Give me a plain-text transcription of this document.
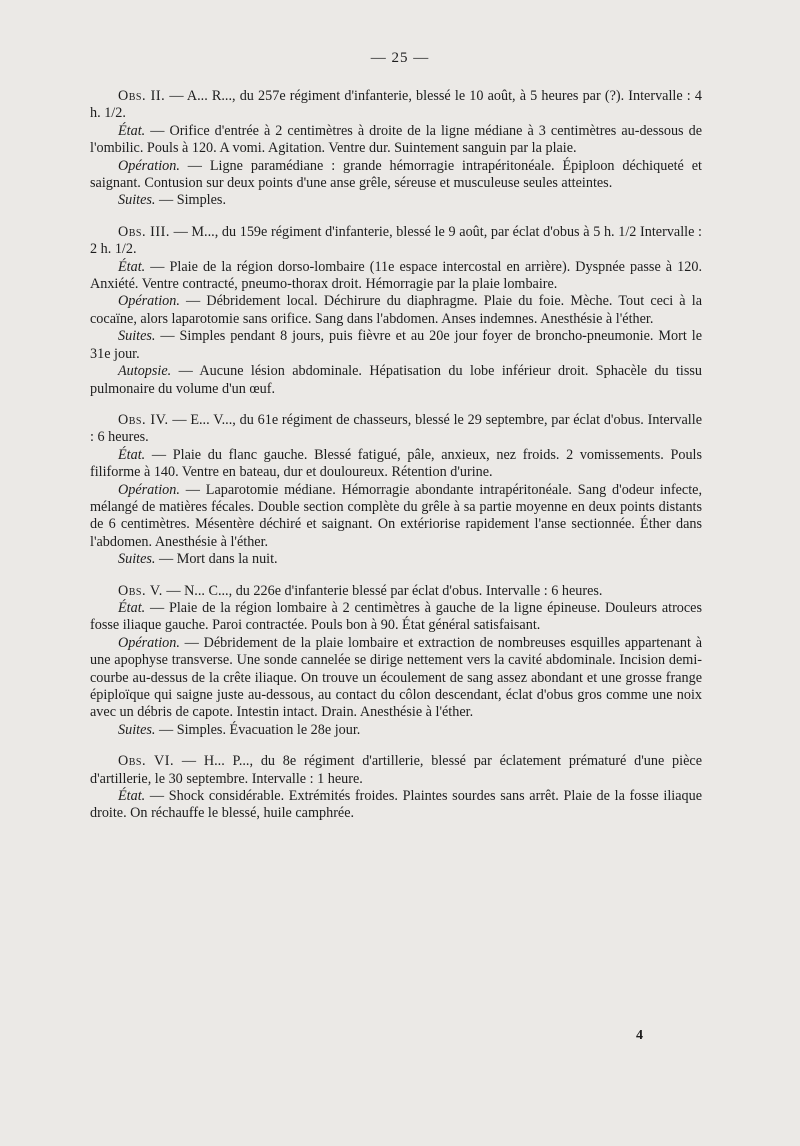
— 25 —

Obs. II. — A... R..., du 257e régiment d'infanterie, blessé le 10 août, à 5 heures par (?). Intervalle : 4 h. 1/2.

État. — Orifice d'entrée à 2 centimètres à droite de la ligne médiane à 3 centimètres au-dessous de l'ombilic. Pouls à 120. A vomi. Agitation. Ventre dur. Suintement sanguin par la plaie.

Opération. — Ligne paramédiane : grande hémorragie intrapéritonéale. Épiploon déchiqueté et saignant. Contusion sur deux points d'une anse grêle, séreuse et musculeuse seules atteintes.

Suites. — Simples.

Obs. III. — M..., du 159e régiment d'infanterie, blessé le 9 août, par éclat d'obus à 5 h. 1/2 Intervalle : 2 h. 1/2.

État. — Plaie de la région dorso-lombaire (11e espace intercostal en arrière). Dyspnée passe à 120. Anxiété. Ventre contracté, pneumo-thorax droit. Hémorragie par la plaie lombaire.

Opération. — Débridement local. Déchirure du diaphragme. Plaie du foie. Mèche. Tout ceci à la cocaïne, alors laparotomie sans orifice. Sang dans l'abdomen. Anses indemnes. Anesthésie à l'éther.

Suites. — Simples pendant 8 jours, puis fièvre et au 20e jour foyer de broncho-pneumonie. Mort le 31e jour.

Autopsie. — Aucune lésion abdominale. Hépatisation du lobe inférieur droit. Sphacèle du tissu pulmonaire du volume d'un œuf.

Obs. IV. — E... V..., du 61e régiment de chasseurs, blessé le 29 septembre, par éclat d'obus. Intervalle : 6 heures.

État. — Plaie du flanc gauche. Blessé fatigué, pâle, anxieux, nez froids. 2 vomissements. Pouls filiforme à 140. Ventre en bateau, dur et douloureux. Rétention d'urine.

Opération. — Laparotomie médiane. Hémorragie abondante intrapéritonéale. Sang d'odeur infecte, mélangé de matières fécales. Double section complète du grêle à sa partie moyenne en deux points distants de 6 centimètres. Mésentère déchiré et saignant. On extériorise rapidement l'anse sectionnée. Éther dans l'abdomen. Anesthésie à l'éther.

Suites. — Mort dans la nuit.

Obs. V. — N... C..., du 226e d'infanterie blessé par éclat d'obus. Intervalle : 6 heures.

État. — Plaie de la région lombaire à 2 centimètres à gauche de la ligne épineuse. Douleurs atroces fosse iliaque gauche. Paroi contractée. Pouls bon à 90. État général satisfaisant.

Opération. — Débridement de la plaie lombaire et extraction de nombreuses esquilles appartenant à une apophyse transverse. Une sonde cannelée se dirige nettement vers la cavité abdominale. Incision demi-courbe au-dessus de la crête iliaque. On trouve un écoulement de sang assez abondant et une grosse frange épiploïque qui saigne juste au-dessous, au contact du côlon descendant, éclat d'obus gros comme une noix avec un débris de capote. Intestin intact. Drain. Anesthésie à l'éther.

Suites. — Simples. Évacuation le 28e jour.

Obs. VI. — H... P..., du 8e régiment d'artillerie, blessé par éclatement prématuré d'une pièce d'artillerie, le 30 septembre. Intervalle : 1 heure.

État. — Shock considérable. Extrémités froides. Plaintes sourdes sans arrêt. Plaie de la fosse iliaque droite. On réchauffe le blessé, huile camphrée.

4
